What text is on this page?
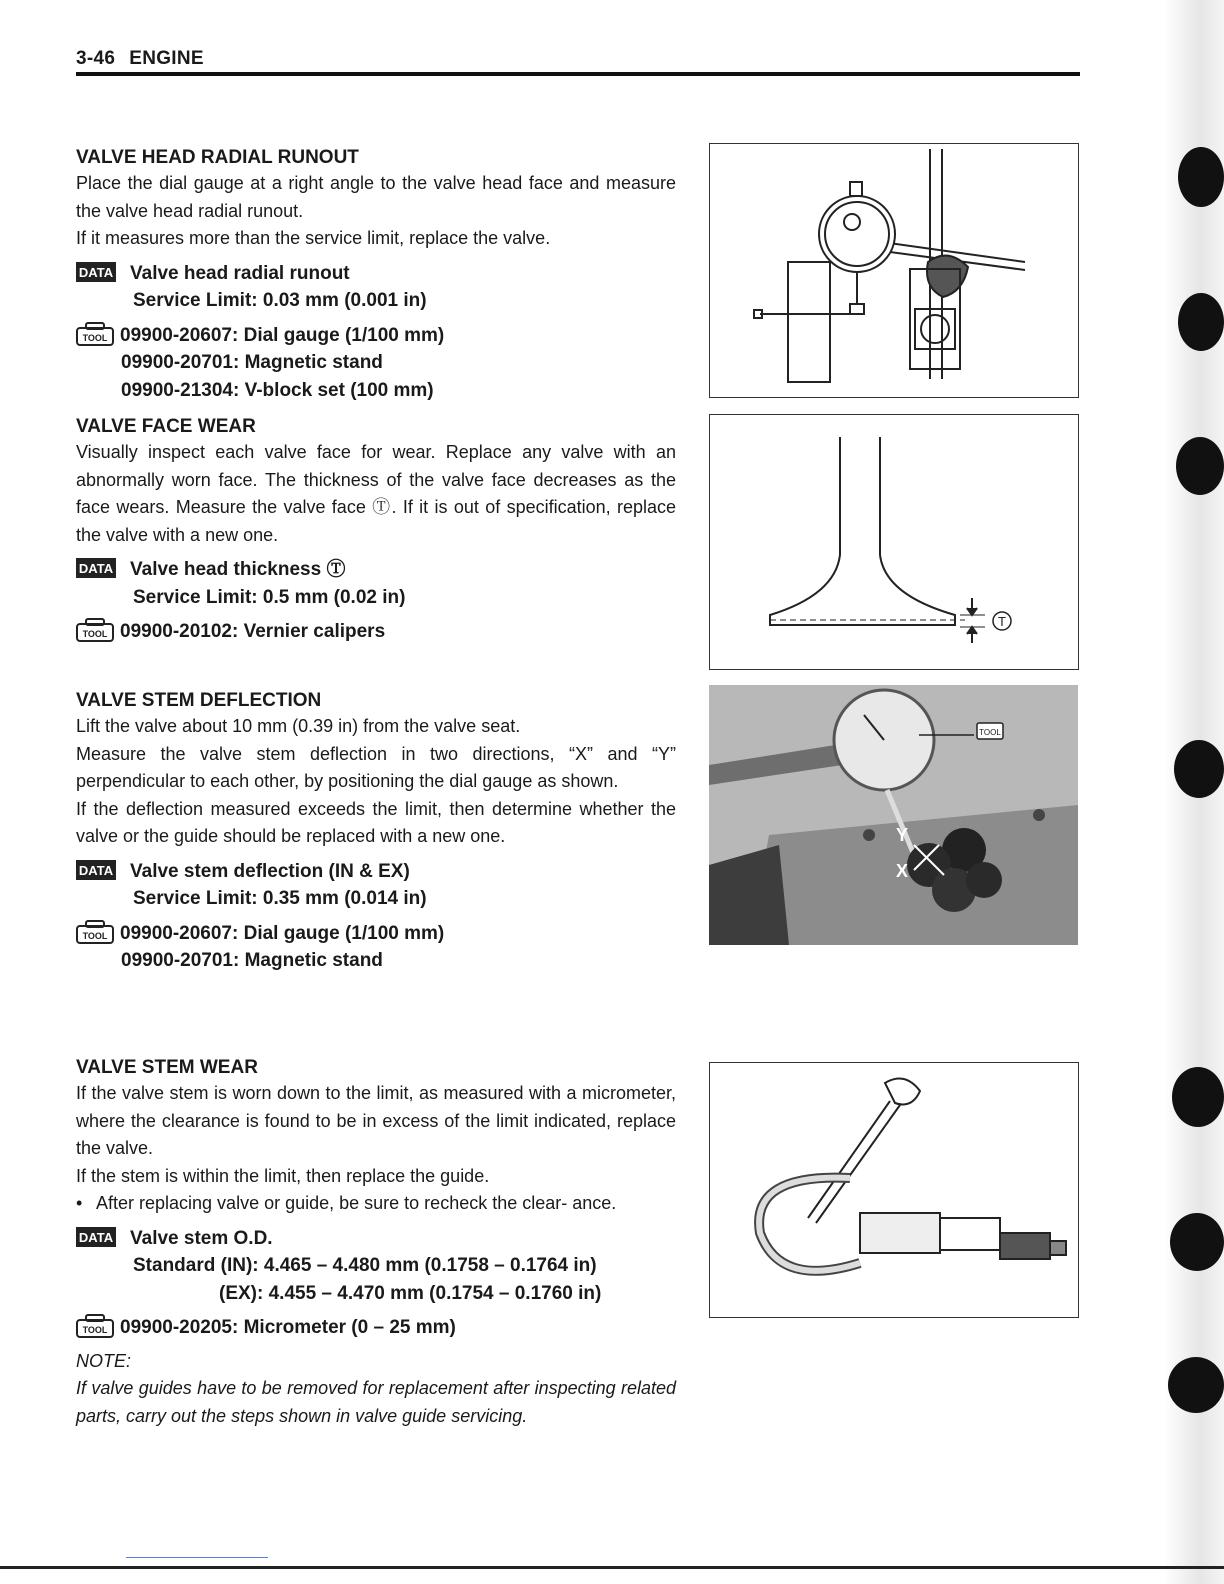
3-46 ENGINE
VALVE HEAD RADIAL RUNOUT

Place the dial gauge at a right angle to the valve head face and measure the valve head radial runout.

If it measures more than the service limit, replace the valve.

DATA Valve head radial runout
Service Limit: 0.03 mm (0.001 in)
TOOL 09900-20607: Dial gauge (1/100 mm)
09900-20701: Magnetic stand
09900-21304: V-block set (100 mm)
VALVE FACE WEAR

Visually inspect each valve face for wear. Replace any valve with an abnormally worn face. The thickness of the valve face decreases as the face wears. Measure the valve face Ⓣ. If it is out of specification, replace the valve with a new one.

DATA Valve head thickness Ⓣ
Service Limit: 0.5 mm (0.02 in)
TOOL 09900-20102: Vernier calipers
VALVE STEM DEFLECTION

Lift the valve about 10 mm (0.39 in) from the valve seat.

Measure the valve stem deflection in two directions, “X” and “Y” perpendicular to each other, by positioning the dial gauge as shown.

If the deflection measured exceeds the limit, then determine whether the valve or the guide should be replaced with a new one.

DATA Valve stem deflection (IN & EX)
Service Limit: 0.35 mm (0.014 in)
TOOL 09900-20607: Dial gauge (1/100 mm)
09900-20701: Magnetic stand
VALVE STEM WEAR

If the valve stem is worn down to the limit, as measured with a micrometer, where the clearance is found to be in excess of the limit indicated, replace the valve.

If the stem is within the limit, then replace the guide.

• After replacing valve or guide, be sure to recheck the clear- ance.
DATA Valve stem O.D.
Standard (IN): 4.465 – 4.480 mm (0.1758 – 0.1764 in)
(EX): 4.455 – 4.470 mm (0.1754 – 0.1760 in)
TOOL 09900-20205: Micrometer (0 – 25 mm)
NOTE:
If valve guides have to be removed for replacement after inspecting related parts, carry out the steps shown in valve guide servicing.
T
Y
X
TOOL
